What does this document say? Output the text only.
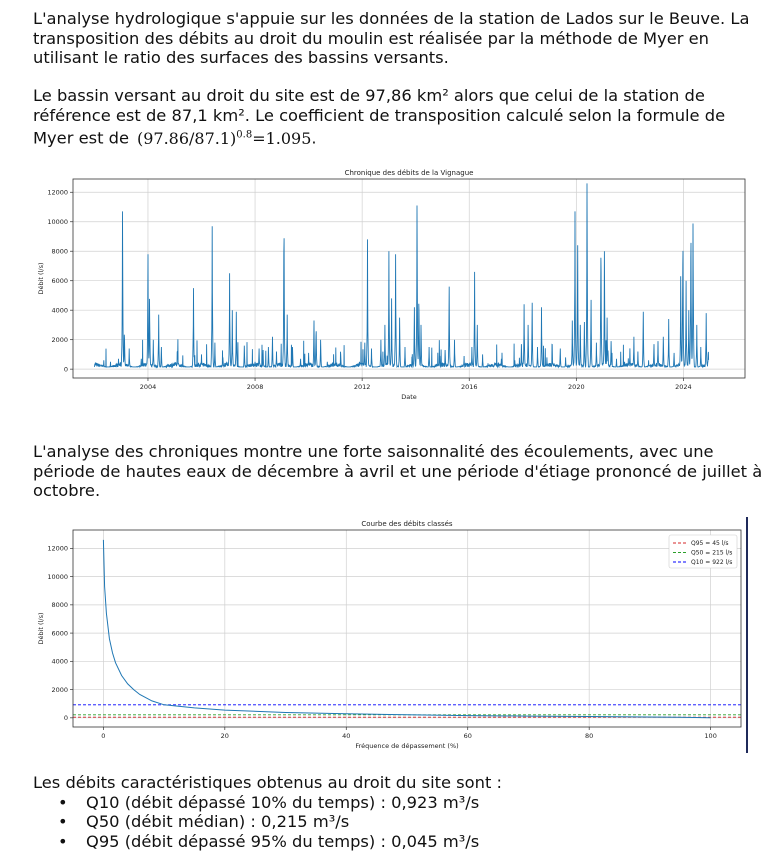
L'analyse hydrologique s'appuie sur les données de la station de Lados sur le Beuve. La transposition des débits au droit du moulin est réalisée par la méthode de Myer en utilisant le ratio des surfaces des bassins versants.

Le bassin versant au droit du site est de 97,86 km² alors que celui de la station de référence est de 87,1 km². Le coefficient de transposition calculé selon la formule de Myer est de $(97.86/87.1)^{0.8}=1.095$.

2004	2008	2012	2016	2020	2024
0
2000
4000
6000
8000
10000
12000
Chronique des débits de la Vignague
Date
Débit (l/s)

L'analyse des chroniques montre une forte saisonnalité des écoulements, avec une période de hautes eaux de décembre à avril et une période d'étiage prononcé de juillet à octobre.

0	20	40	60	80	100
0
2000
4000
6000
8000
10000
12000
Courbe des débits classés
Fréquence de dépassement (%)
Débit (l/s)
Q95 = 45 l/s
Q50 = 215 l/s
Q10 = 922 l/s

Les débits caractéristiques obtenus au droit du site sont :

• Q10 (débit dépassé 10% du temps) : 0,923 m³/s
• Q50 (débit médian) : 0,215 m³/s
• Q95 (débit dépassé 95% du temps) : 0,045 m³/s
